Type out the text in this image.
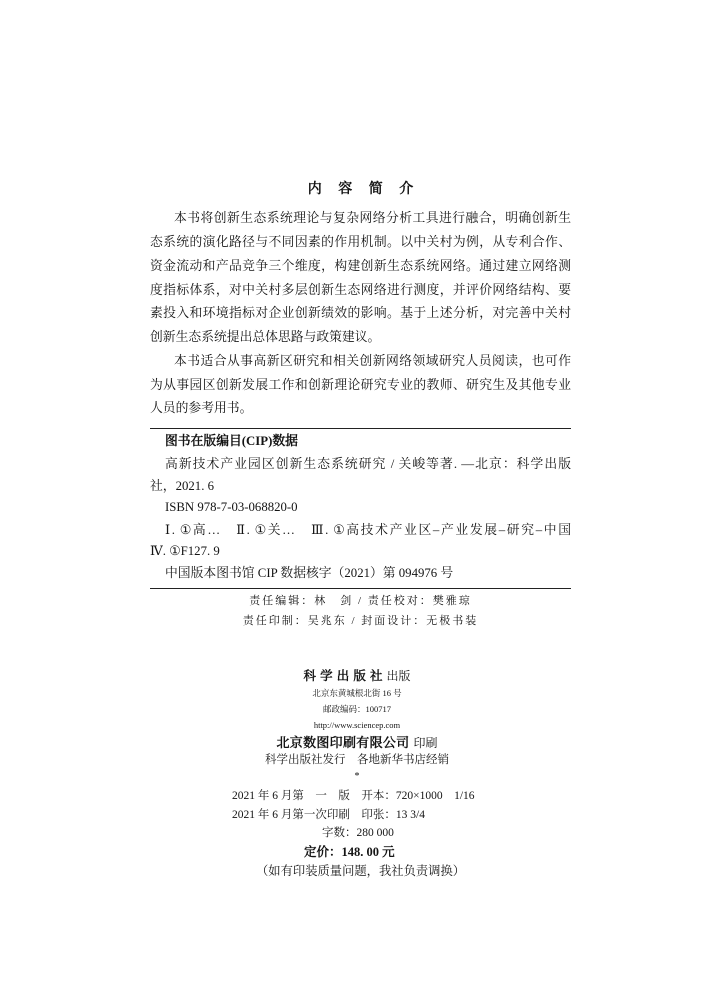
内 容 简 介
本书将创新生态系统理论与复杂网络分析工具进行融合，明确创新生
态系统的演化路径与不同因素的作用机制。以中关村为例，从专利合作、
资金流动和产品竞争三个维度，构建创新生态系统网络。通过建立网络测
度指标体系，对中关村多层创新生态网络进行测度，并评价网络结构、要
素投入和环境指标对企业创新绩效的影响。基于上述分析，对完善中关村
创新生态系统提出总体思路与政策建议。
本书适合从事高新区研究和相关创新网络领域研究人员阅读，也可作
为从事园区创新发展工作和创新理论研究专业的教师、研究生及其他专业
人员的参考用书。
图书在版编目(CIP)数据
高新技术产业园区创新生态系统研究 / 关峻等著. —北京：科学出版
社，2021. 6
ISBN 978-7-03-068820-0
Ⅰ. ①高…　Ⅱ. ①关…　Ⅲ. ①高技术产业区–产业发展–研究–中国
Ⅳ. ①F127. 9
中国版本图书馆 CIP 数据核字（2021）第 094976 号
责任编辑：林　剑 / 责任校对：樊雅琼
责任印制：吴兆东 / 封面设计：无极书装
科 学 出 版 社 出版
北京东黄城根北街 16 号
邮政编码：100717
http://www.sciencep.com
北京数图印刷有限公司 印刷
科学出版社发行　各地新华书店经销
*
2021 年 6 月第　一　版　开本：720×1000　1/16
2021 年 6 月第一次印刷　印张：13 3/4
字数：280 000
定价：148. 00 元
（如有印装质量问题，我社负责调换）
